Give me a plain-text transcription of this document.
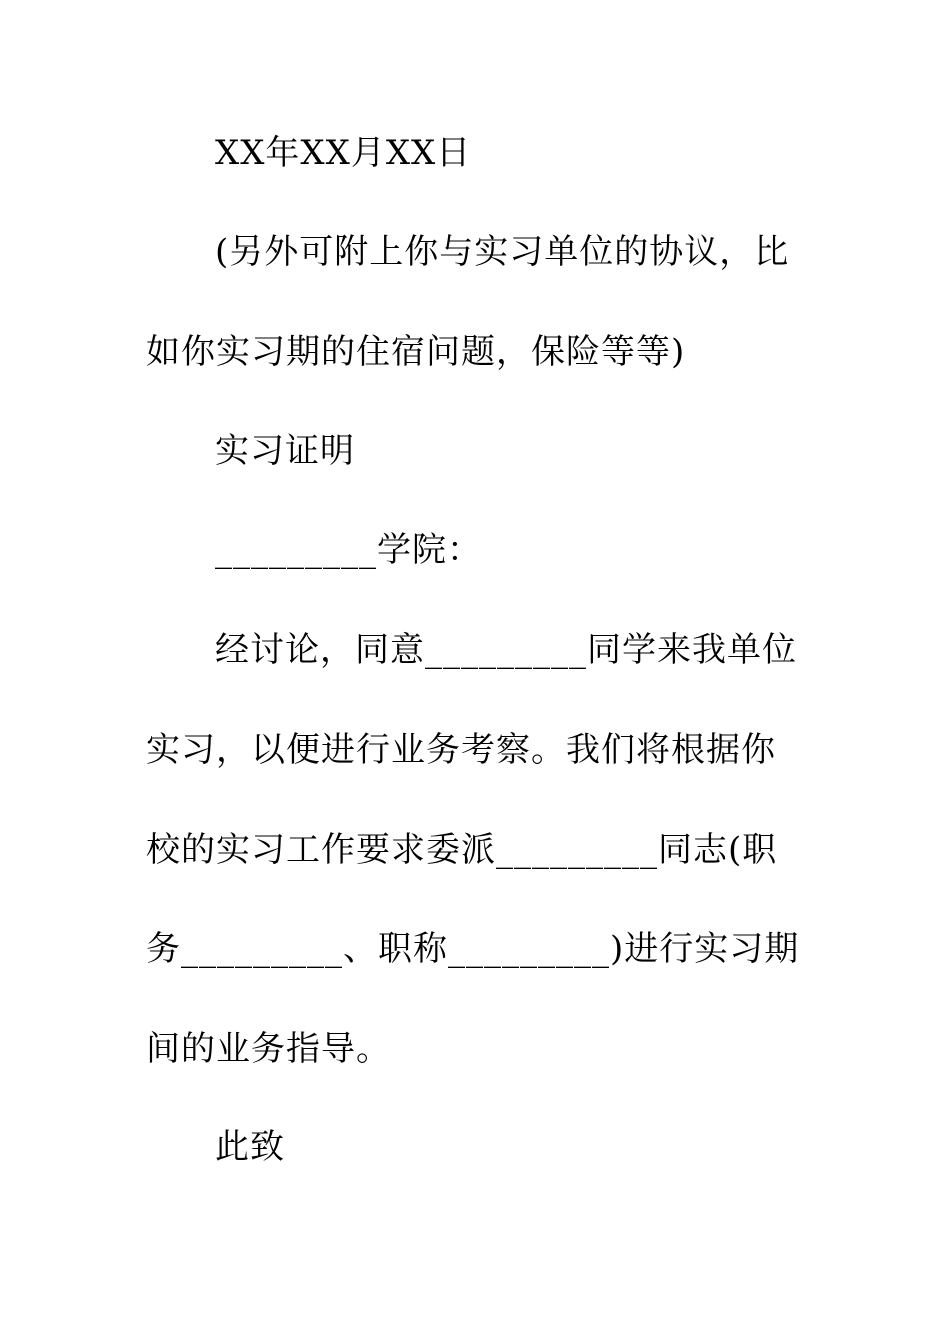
XX年XX月XX日
(另外可附上你与实习单位的协议，比
如你实习期的住宿问题，保险等等)
实习证明
_________学院：
经讨论，同意_________同学来我单位
实习，以便进行业务考察。我们将根据你
校的实习工作要求委派_________同志(职
务_________、职称_________)进行实习期
间的业务指导。
此致
